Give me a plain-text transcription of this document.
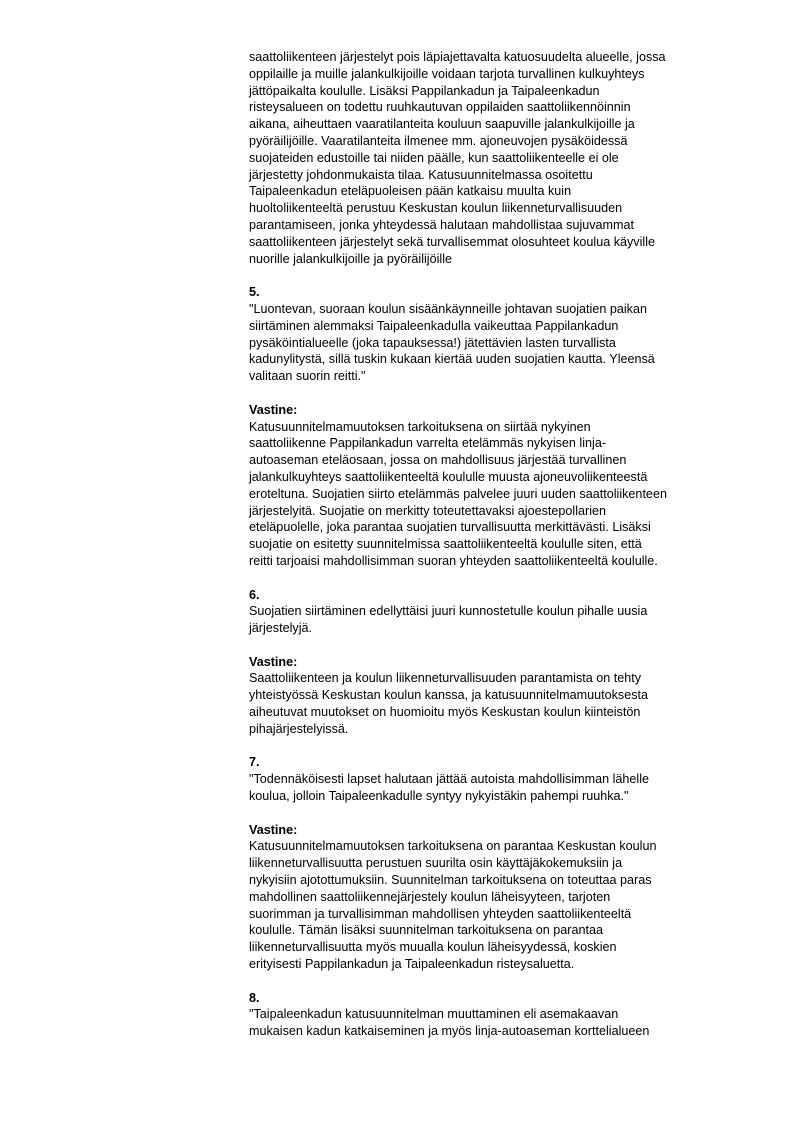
saattoliikenteen järjestelyt pois läpiajettavalta katuosuudelta alueelle, jossa

oppilaille ja muille jalankulkijoille voidaan tarjota turvallinen kulkuyhteys

jättöpaikalta koululle. Lisäksi Pappilankadun ja Taipaleenkadun

risteysalueen on todettu ruuhkautuvan oppilaiden saattoliikennöinnin

aikana, aiheuttaen vaaratilanteita kouluun saapuville jalankulkijoille ja

pyöräilijöille. Vaaratilanteita ilmenee mm. ajoneuvojen pysäköidessä

suojateiden edustoille tai niiden päälle, kun saattoliikenteelle ei ole

järjestetty johdonmukaista tilaa. Katusuunnitelmassa osoitettu

Taipaleenkadun eteläpuoleisen pään katkaisu muulta kuin

huoltoliikenteeltä perustuu Keskustan koulun liikenneturvallisuuden

parantamiseen, jonka yhteydessä halutaan mahdollistaa sujuvammat

saattoliikenteen järjestelyt sekä turvallisemmat olosuhteet koulua käyville

nuorille jalankulkijoille ja pyöräilijöille

5.

"Luontevan, suoraan koulun sisäänkäynneille johtavan suojatien paikan

siirtäminen alemmaksi Taipaleenkadulla vaikeuttaa Pappilankadun

pysäköintialueelle (joka tapauksessa!) jätettävien lasten turvallista

kadunylitystä, sillä tuskin kukaan kiertää uuden suojatien kautta. Yleensä

valitaan suorin reitti."

Vastine:

Katusuunnitelmamuutoksen tarkoituksena on siirtää nykyinen

saattoliikenne Pappilankadun varrelta etelämmäs nykyisen linja-

autoaseman eteläosaan, jossa on mahdollisuus järjestää turvallinen

jalankulkuyhteys saattoliikenteeltä koululle muusta ajoneuvoliikenteestä

eroteltuna. Suojatien siirto etelämmäs palvelee juuri uuden saattoliikenteen

järjestelyitä. Suojatie on merkitty toteutettavaksi ajoestepollarien

eteläpuolelle, joka parantaa suojatien turvallisuutta merkittävästi. Lisäksi

suojatie on esitetty suunnitelmissa saattoliikenteeltä koululle siten, että

reitti tarjoaisi mahdollisimman suoran yhteyden saattoliikenteeltä koululle.

6.

Suojatien siirtäminen edellyttäisi juuri kunnostetulle koulun pihalle uusia

järjestelyjä.

Vastine:

Saattoliikenteen ja koulun liikenneturvallisuuden parantamista on tehty

yhteistyössä Keskustan koulun kanssa, ja katusuunnitelmamuutoksesta

aiheutuvat muutokset on huomioitu myös Keskustan koulun kiinteistön

pihajärjestelyissä.

7.

"Todennäköisesti lapset halutaan jättää autoista mahdollisimman lähelle

koulua, jolloin Taipaleenkadulle syntyy nykyistäkin pahempi ruuhka."

Vastine:

Katusuunnitelmamuutoksen tarkoituksena on parantaa Keskustan koulun

liikenneturvallisuutta perustuen suurilta osin käyttäjäkokemuksiin ja

nykyisiin ajotottumuksiin. Suunnitelman tarkoituksena on toteuttaa paras

mahdollinen saattoliikennejärjestely koulun läheisyyteen, tarjoten

suorimman ja turvallisimman mahdollisen yhteyden saattoliikenteeltä

koululle. Tämän lisäksi suunnitelman tarkoituksena on parantaa

liikenneturvallisuutta myös muualla koulun läheisyydessä, koskien

erityisesti Pappilankadun ja Taipaleenkadun risteysaluetta.

8.

"Taipaleenkadun katusuunnitelman muuttaminen eli asemakaavan

mukaisen kadun katkaiseminen ja myös linja-autoaseman korttelialueen
